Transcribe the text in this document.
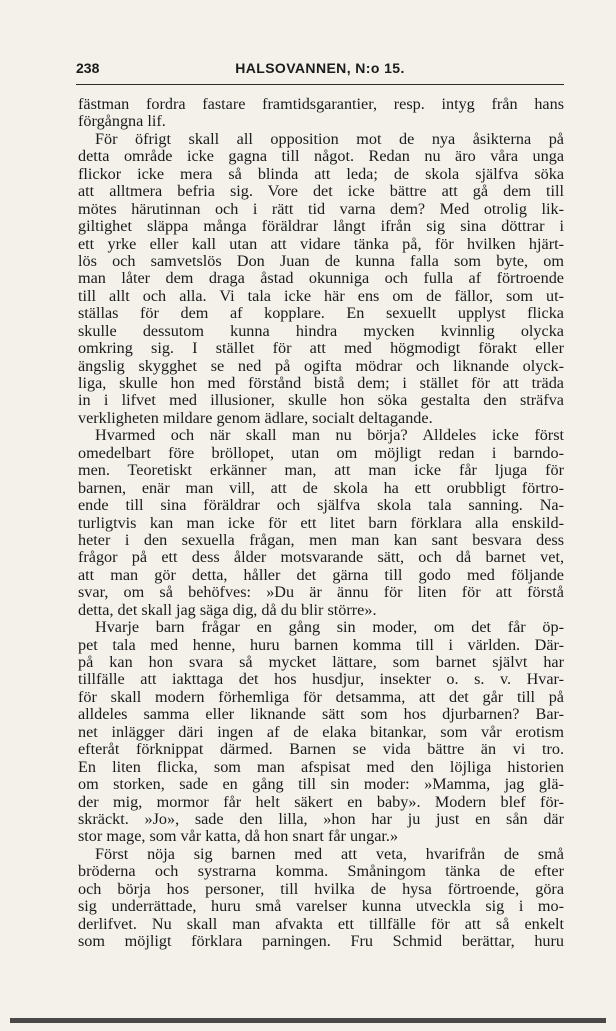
238	HALSOVANNEN, N:o 15.
fästman fordra fastare framtidsgarantier, resp. intyg från hans
förgångna lif.
För öfrigt skall all opposition mot de nya åsikterna på
detta område icke gagna till något. Redan nu äro våra unga
flickor icke mera så blinda att leda; de skola själfva söka
att alltmera befria sig. Vore det icke bättre att gå dem till
mötes härutinnan och i rätt tid varna dem? Med otrolig lik-
giltighet släppa många föräldrar långt ifrån sig sina döttrar i
ett yrke eller kall utan att vidare tänka på, för hvilken hjärt-
lös och samvetslös Don Juan de kunna falla som byte, om
man låter dem draga åstad okunniga och fulla af förtroende
till allt och alla. Vi tala icke här ens om de fällor, som ut-
ställas för dem af kopplare. En sexuellt upplyst flicka
skulle dessutom kunna hindra mycken kvinnlig olycka
omkring sig. I stället för att med högmodigt förakt eller
ängslig skygghet se ned på ogifta mödrar och liknande olyck-
liga, skulle hon med förstånd bistå dem; i stället för att träda
in i lifvet med illusioner, skulle hon söka gestalta den sträfva
verkligheten mildare genom ädlare, socialt deltagande.
Hvarmed och när skall man nu börja? Alldeles icke först
omedelbart före bröllopet, utan om möjligt redan i barndo-
men. Teoretiskt erkänner man, att man icke får ljuga för
barnen, enär man vill, att de skola ha ett orubbligt förtro-
ende till sina föräldrar och själfva skola tala sanning. Na-
turligtvis kan man icke för ett litet barn förklara alla enskild-
heter i den sexuella frågan, men man kan sant besvara dess
frågor på ett dess ålder motsvarande sätt, och då barnet vet,
att man gör detta, håller det gärna till godo med följande
svar, om så behöfves: »Du är ännu för liten för att förstå
detta, det skall jag säga dig, då du blir större».
Hvarje barn frågar en gång sin moder, om det får öp-
pet tala med henne, huru barnen komma till i världen. Där-
på kan hon svara så mycket lättare, som barnet självt har
tillfälle att iakttaga det hos husdjur, insekter o. s. v. Hvar-
för skall modern förhemliga för detsamma, att det går till på
alldeles samma eller liknande sätt som hos djurbarnen? Bar-
net inlägger däri ingen af de elaka bitankar, som vår erotism
efteråt förknippat därmed. Barnen se vida bättre än vi tro.
En liten flicka, som man afspisat med den löjliga historien
om storken, sade en gång till sin moder: »Mamma, jag glä-
der mig, mormor får helt säkert en baby». Modern blef för-
skräckt. »Jo», sade den lilla, »hon har ju just en sån där
stor mage, som vår katta, då hon snart får ungar.»
Först nöja sig barnen med att veta, hvarifrån de små
bröderna och systrarna komma. Småningom tänka de efter
och börja hos personer, till hvilka de hysa förtroende, göra
sig underrättade, huru små varelser kunna utveckla sig i mo-
derlifvet. Nu skall man afvakta ett tillfälle för att så enkelt
som möjligt förklara parningen. Fru Schmid berättar, huru
